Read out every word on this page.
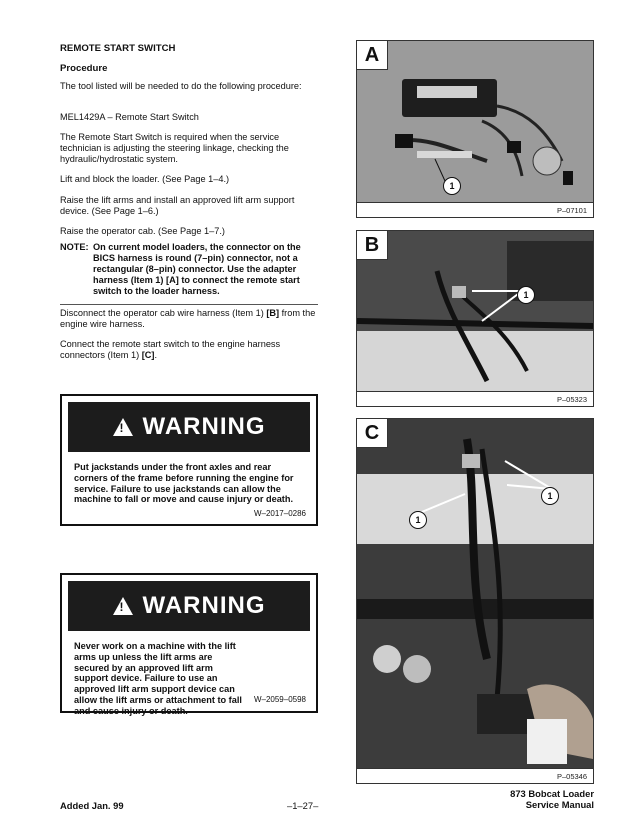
REMOTE START SWITCH
Procedure

The tool listed will be needed to do the following procedure:

MEL1429A – Remote Start Switch

The Remote Start Switch is required when the service technician is adjusting the steering linkage, checking the hydraulic/hydrostatic system.

Lift and block the loader. (See Page 1–4.)

Raise the lift arms and install an approved lift arm support device. (See Page 1–6.)

Raise the operator cab. (See Page 1–7.)

NOTE: On current model loaders, the connector on the BICS harness is round (7–pin) connector, not a rectangular (8–pin) connector. Use the adapter harness (Item 1) [A] to connect the remote start switch to the loader harness.

Disconnect the operator cab wire harness (Item 1) [B] from the engine wire harness.

Connect the remote start switch to the engine harness connectors (Item 1) [C].

! WARNING
Put jackstands under the front axles and rear corners of the frame before running the engine for service. Failure to use jackstands can allow the machine to fall or move and cause injury or death.
W–2017–0286
! WARNING
Never work on a machine with the lift arms up unless the lift arms are secured by an approved lift arm support device. Failure to use an approved lift arm support device can allow the lift arms or attachment to fall and cause injury or death.
W–2059–0598
A
1
P–07101
B
1
P–05323
C
1
1
P–05346
Added Jan. 99	–1–27–
873 Bobcat Loader
Service Manual
